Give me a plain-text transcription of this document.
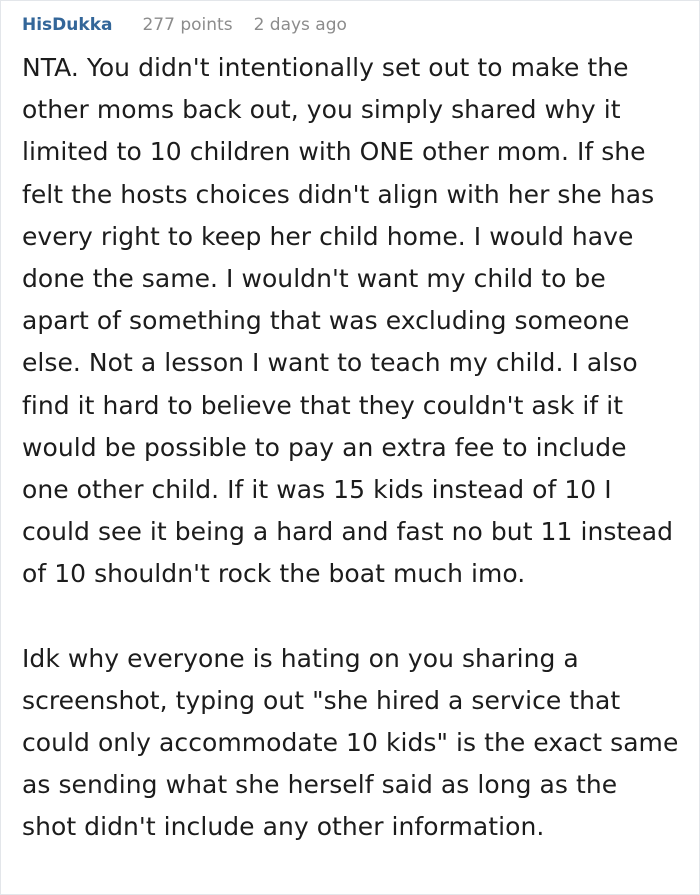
HisDukka 277 points 2 days ago

NTA. You didn't intentionally set out to make the other moms back out, you simply shared why it limited to 10 children with ONE other mom. If she felt the hosts choices didn't align with her she has every right to keep her child home. I would have done the same. I wouldn't want my child to be apart of something that was excluding someone else. Not a lesson I want to teach my child. I also find it hard to believe that they couldn't ask if it would be possible to pay an extra fee to include one other child. If it was 15 kids instead of 10 I could see it being a hard and fast no but 11 instead of 10 shouldn't rock the boat much imo.

Idk why everyone is hating on you sharing a screenshot, typing out "she hired a service that could only accommodate 10 kids" is the exact same as sending what she herself said as long as the shot didn't include any other information.
